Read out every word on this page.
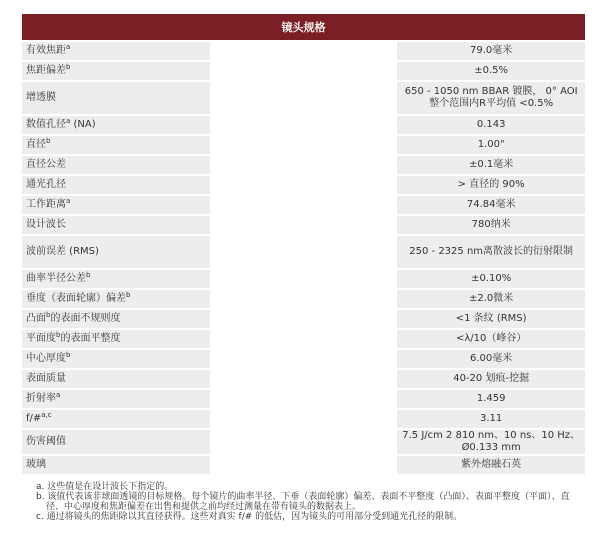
镜头规格		
有效焦距$^a$		79.0毫米
焦距偏差$^b$		±0.5%
增透膜		650 - 1050 nm BBAR 镀膜， 0° AOI 整个范围内R平均值 <0.5%
数值孔径$^a$ (NA)		0.143
直径$^b$		1.00"
直径公差		±0.1毫米
通光孔径		> 直径的 90%
工作距离$^a$		74.84毫米
设计波长		780纳米
波前误差 (RMS)		250 - 2325 nm离散波长的衍射限制
曲率半径公差$^b$		±0.10%
垂度（表面轮廓）偏差$^b$		±2.0微米
凸面$^b$的表面不规则度		<1 条纹 (RMS)
平面度$^b$的表面平整度		<λ/10（峰谷）
中心厚度$^b$		6.00毫米
表面质量		40-20 划痕-挖掘
折射率$^a$		1.459
f/#$^{a,c}$		3.11
伤害阈值		7.5 J/cm 2 810 nm、10 ns、10 Hz、Ø0.133 mm
玻璃		紫外熔融石英
a. 这些值是在设计波长下指定的。
b. 该值代表该非球面透镜的目标规格。每个镜片的曲率半径、下垂（表面轮廓）偏差、表面不平整度（凸面）、表面平整度（平面）、直径、中心厚度和焦距偏差在出售和提供之前均经过测量在带有镜头的数据表上。
c. 通过将镜头的焦距除以其直径获得。这些对真实 f/# 的低估，因为镜头的可用部分受到通光孔径的限制。
